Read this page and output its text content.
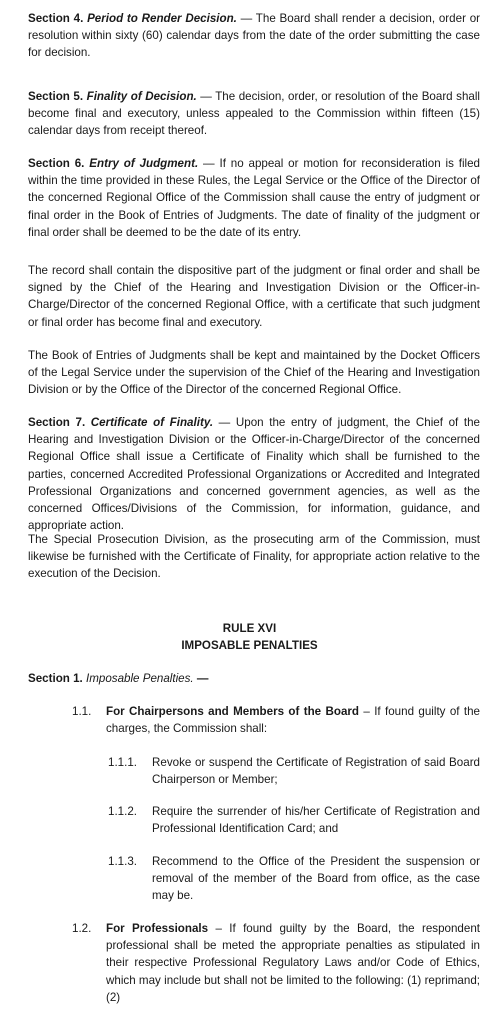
Section 4. Period to Render Decision. — The Board shall render a decision, order or resolution within sixty (60) calendar days from the date of the order submitting the case for decision.

Section 5. Finality of Decision. — The decision, order, or resolution of the Board shall become final and executory, unless appealed to the Commission within fifteen (15) calendar days from receipt thereof.

Section 6. Entry of Judgment. — If no appeal or motion for reconsideration is filed within the time provided in these Rules, the Legal Service or the Office of the Director of the concerned Regional Office of the Commission shall cause the entry of judgment or final order in the Book of Entries of Judgments. The date of finality of the judgment or final order shall be deemed to be the date of its entry.

The record shall contain the dispositive part of the judgment or final order and shall be signed by the Chief of the Hearing and Investigation Division or the Officer-in-Charge/Director of the concerned Regional Office, with a certificate that such judgment or final order has become final and executory.

The Book of Entries of Judgments shall be kept and maintained by the Docket Officers of the Legal Service under the supervision of the Chief of the Hearing and Investigation Division or by the Office of the Director of the concerned Regional Office.

Section 7. Certificate of Finality. — Upon the entry of judgment, the Chief of the Hearing and Investigation Division or the Officer-in-Charge/Director of the concerned Regional Office shall issue a Certificate of Finality which shall be furnished to the parties, concerned Accredited Professional Organizations or Accredited and Integrated Professional Organizations and concerned government agencies, as well as the concerned Offices/Divisions of the Commission, for information, guidance, and appropriate action.

The Special Prosecution Division, as the prosecuting arm of the Commission, must likewise be furnished with the Certificate of Finality, for appropriate action relative to the execution of the Decision.

RULE XVI

IMPOSABLE PENALTIES

Section 1. Imposable Penalties. —

1.1. For Chairpersons and Members of the Board – If found guilty of the charges, the Commission shall:

1.1.1. Revoke or suspend the Certificate of Registration of said Board Chairperson or Member;

1.1.2. Require the surrender of his/her Certificate of Registration and Professional Identification Card; and

1.1.3. Recommend to the Office of the President the suspension or removal of the member of the Board from office, as the case may be.

1.2. For Professionals – If found guilty by the Board, the respondent professional shall be meted the appropriate penalties as stipulated in their respective Professional Regulatory Laws and/or Code of Ethics, which may include but shall not be limited to the following: (1) reprimand; (2)
